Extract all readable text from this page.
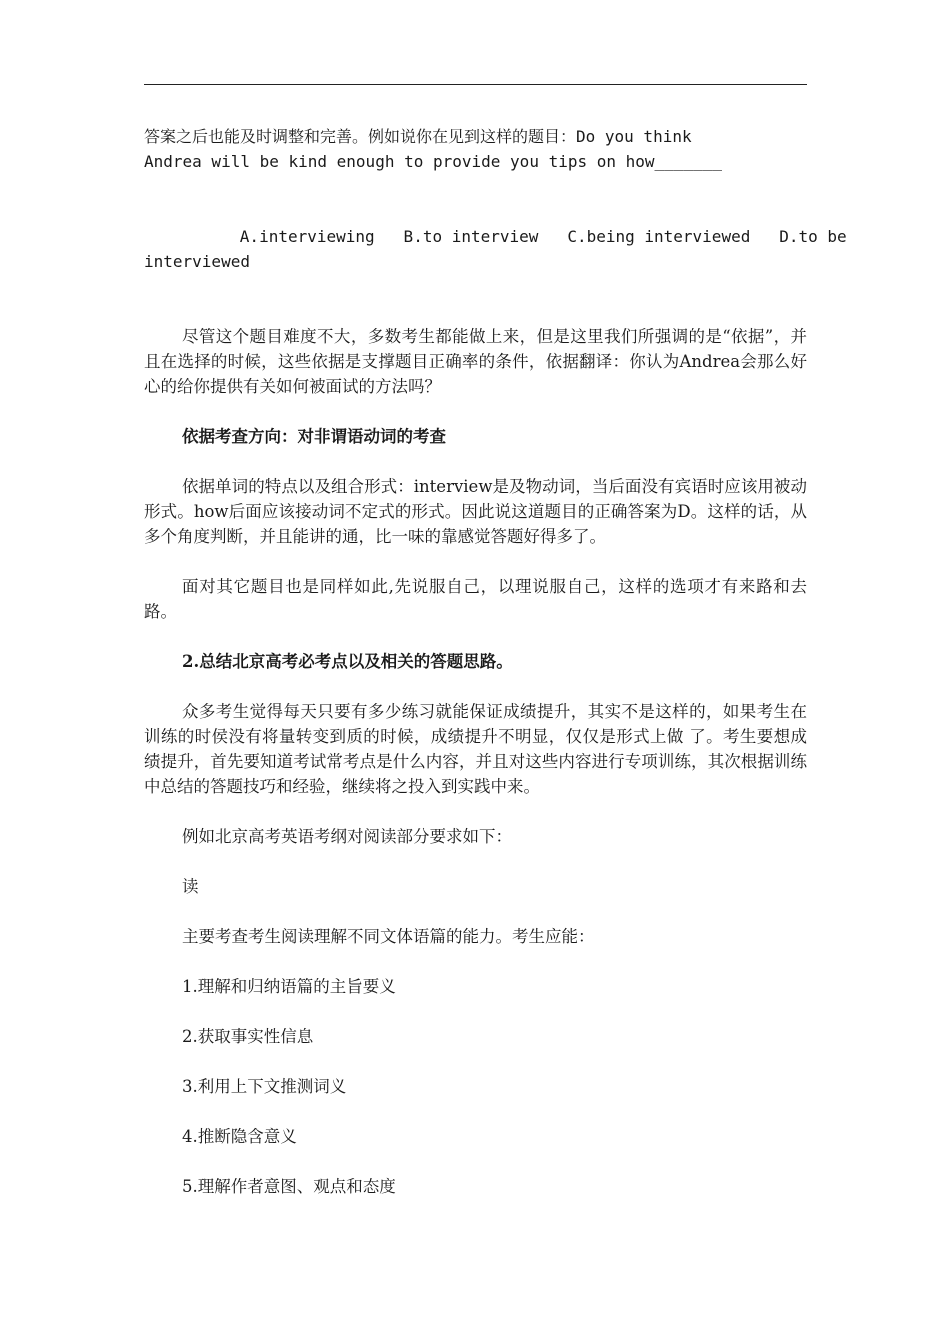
答案之后也能及时调整和完善。例如说你在见到这样的题目：Do you think
Andrea will be kind enough to provide you tips on how_______

A.interviewing   B.to interview   C.being interviewed   D.to be
interviewed

尽管这个题目难度不大，多数考生都能做上来，但是这里我们所强调的是“依据”，并且在选择的时候，这些依据是支撑题目正确率的条件，依据翻译：你认为Andrea会那么好心的给你提供有关如何被面试的方法吗？

依据考查方向：对非谓语动词的考查

依据单词的特点以及组合形式：interview是及物动词，当后面没有宾语时应该用被动形式。how后面应该接动词不定式的形式。因此说这道题目的正确答案为D。这样的话，从多个角度判断，并且能讲的通，比一味的靠感觉答题好得多了。

面对其它题目也是同样如此,先说服自己，以理说服自己，这样的选项才有来路和去路。

2.总结北京高考必考点以及相关的答题思路。

众多考生觉得每天只要有多少练习就能保证成绩提升，其实不是这样的，如果考生在训练的时侯没有将量转变到质的时候，成绩提升不明显，仅仅是形式上做 了。考生要想成绩提升，首先要知道考试常考点是什么内容，并且对这些内容进行专项训练，其次根据训练中总结的答题技巧和经验，继续将之投入到实践中来。

例如北京高考英语考纲对阅读部分要求如下：

读

主要考查考生阅读理解不同文体语篇的能力。考生应能：

1.理解和归纳语篇的主旨要义

2.获取事实性信息

3.利用上下文推测词义

4.推断隐含意义

5.理解作者意图、观点和态度
